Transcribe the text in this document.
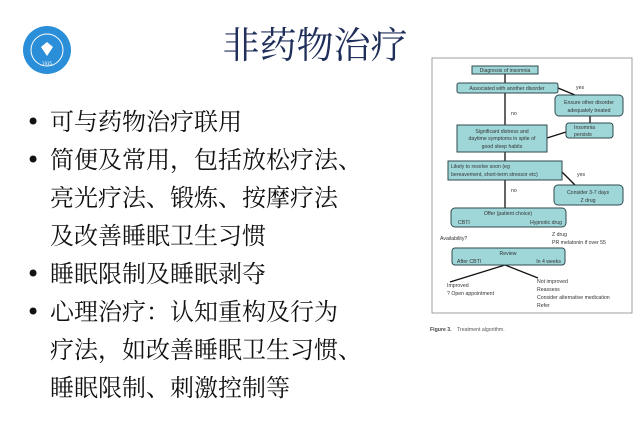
1935	非药物治疗
• 可与药物治疗联用
• 简便及常用，包括放松疗法、
亮光疗法、锻炼、按摩疗法
及改善睡眠卫生习惯
• 睡眠限制及睡眠剥夺
• 心理治疗：认知重构及行为
疗法，如改善睡眠卫生习惯、
睡眠限制、刺激控制等
Diagnosis of insomnia
Associated with another disorder	yes
Ensure other disorder
adequately treated
Insomnia
persists
no
Significant distress and
daytime symptoms in spite of
good sleep habits
Likely to resolve soon (eg
bereavement, short-term stressor etc)	yes
no	Consider 3-7 days
Z drug
Offer (patient choice)
CBTI	Hypnotic drug
Availability?
Z drug
PR melatonin if over 55
Review
After CBTI	In 4 weeks
Improved
? Open appointment
Not improved
Reassess
Consider alternative medication
Refer
Figure 3. Treatment algorithm.
